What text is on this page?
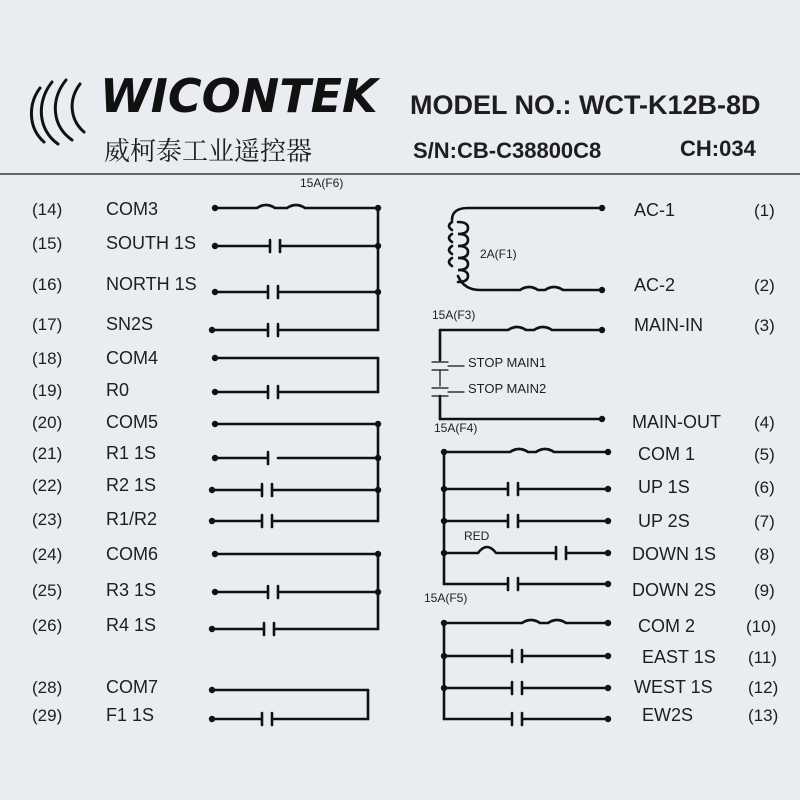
WICONTEK MODEL NO.: WCT-K12B-8D
威柯泰工业遥控器	S/N:CB-C38800C8	CH:034
(14) COM3
(15) SOUTH 1S
(16) NORTH 1S
(17) SN2S
(18) COM4
(19) R0
(20) COM5
(21) R1 1S
(22) R2 1S
(23) R1/R2
(24) COM6
(25) R3 1S
(26) R4 1S
(28) COM7
(29) F1 1S
AC-1	(1)
AC-2	(2)
MAIN-IN	(3)
MAIN-OUT (4)
COM 1	(5)
UP 1S	(6)
UP 2S	(7)
DOWN 1S (8)
DOWN 2S (9)
COM 2	(10)
EAST 1S (11)
WEST 1S (12)
EW2S	(13)
15A(F6)
2A(F1)
15A(F3)
15A(F4)
15A(F5)
STOP MAIN1
STOP MAIN2
RED
